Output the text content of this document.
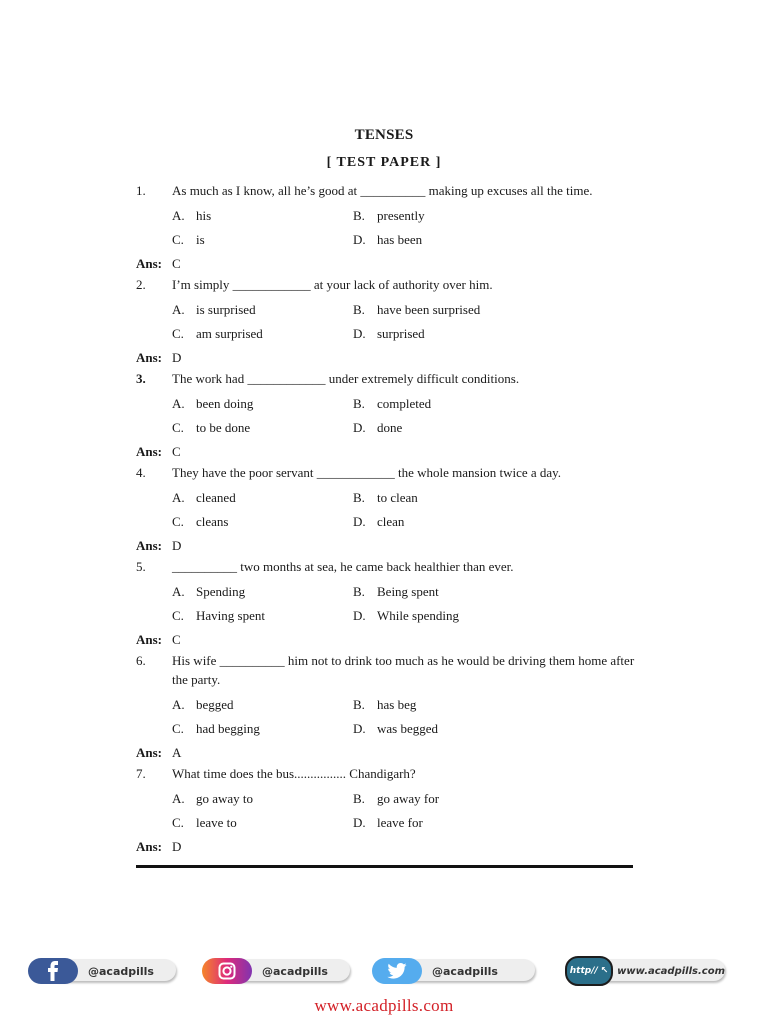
TENSES
[ TEST PAPER ]
1. As much as I know, all he’s good at __________ making up excuses all the time.
A. his	B. presently
C. is	D. has been
Ans: C
2. I’m simply ____________ at your lack of authority over him.
A. is surprised	B. have been surprised
C. am surprised	D. surprised
Ans: D
3. The work had ____________ under extremely difficult conditions.
A. been doing	B. completed
C. to be done	D. done
Ans: C
4. They have the poor servant ____________ the whole mansion twice a day.
A. cleaned	B. to clean
C. cleans	D. clean
Ans: D
5. __________ two months at sea, he came back healthier than ever.
A. Spending	B. Being spent
C. Having spent	D. While spending
Ans: C
6. His wife __________ him not to drink too much as he would be driving them home after the party.
A. begged	B. has beg
C. had begging	D. was begged
Ans: A
7. What time does the bus................ Chandigarh?
A. go away to	B. go away for
C. leave to	D. leave for
Ans: D
@acadpills	@acadpills	@acadpills	http// ↖ www.acadpills.com
www.acadpills.com
